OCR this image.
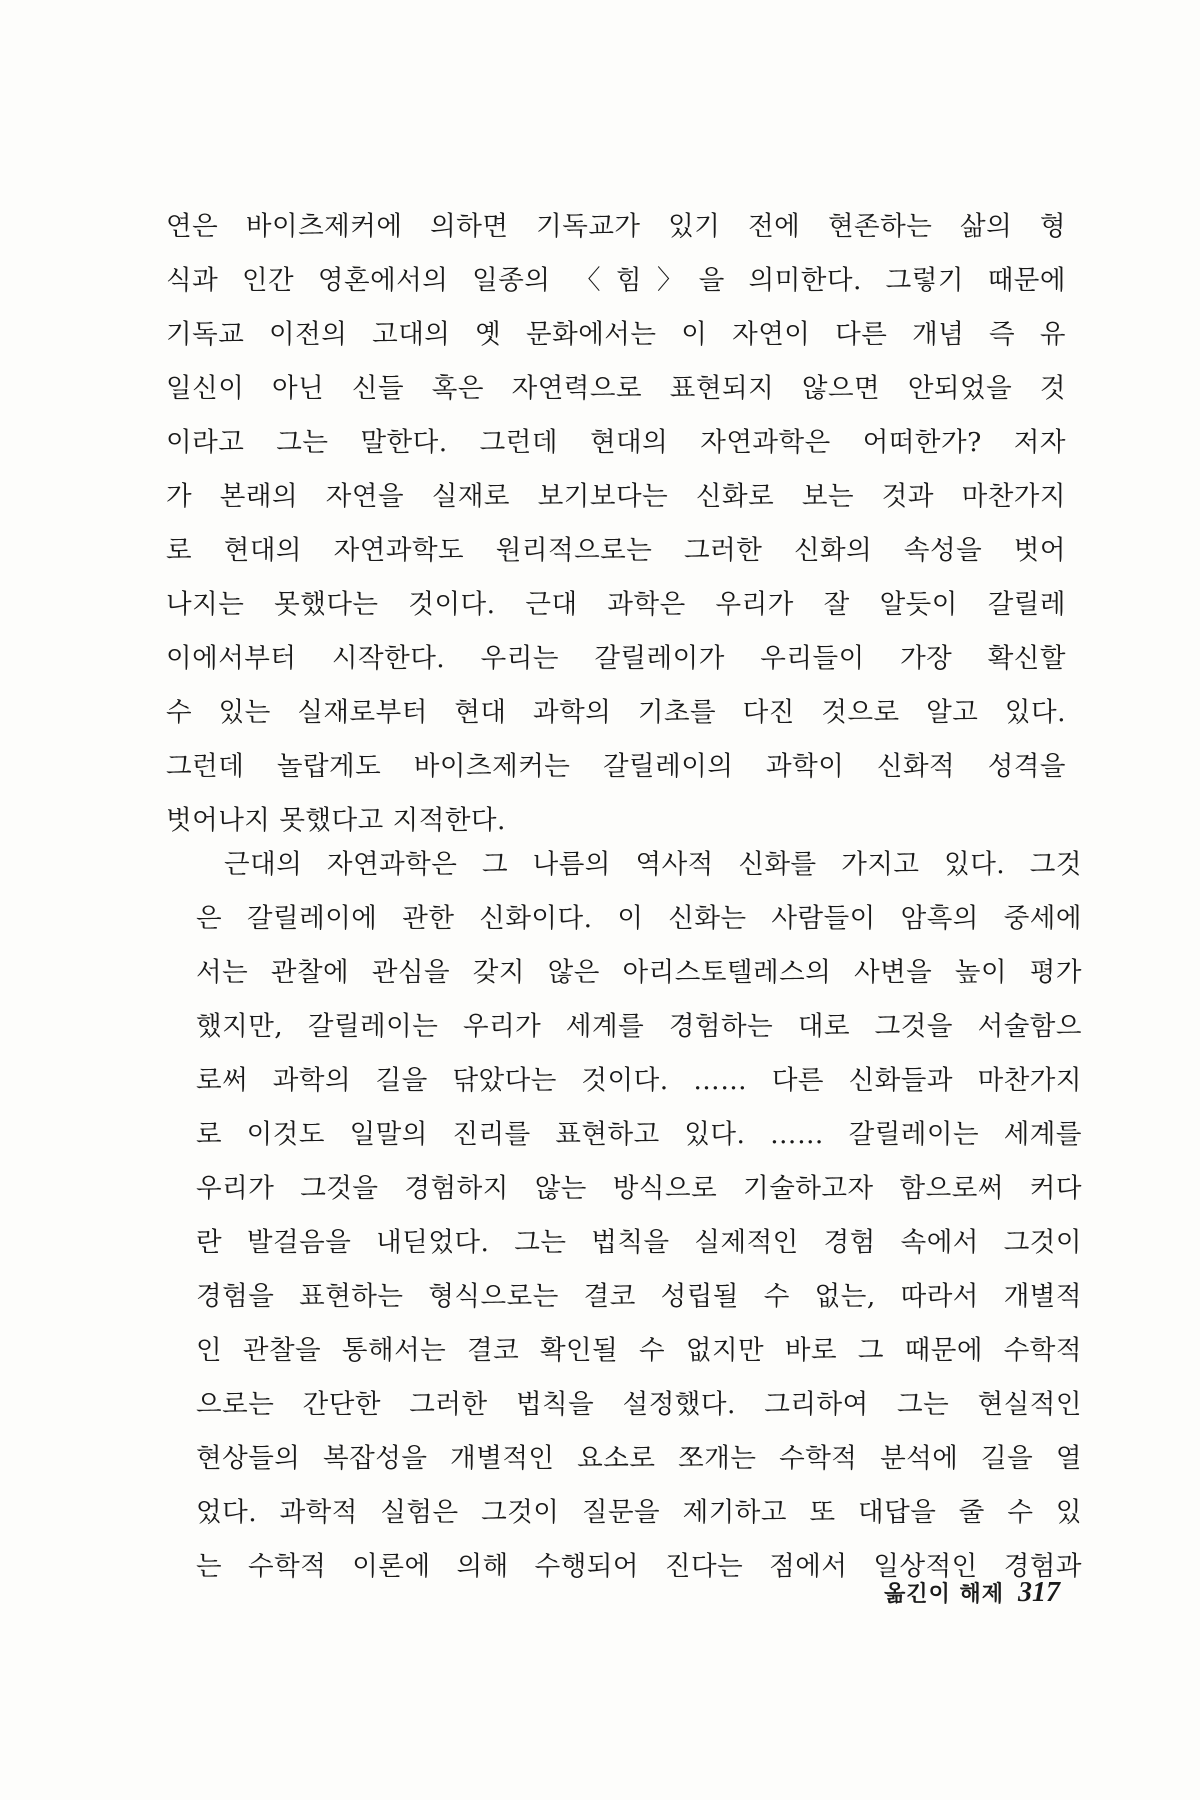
연은 바이츠제커에 의하면 기독교가 있기 전에 현존하는 삶의 형
식과 인간 영혼에서의 일종의 〈힘〉을 의미한다. 그렇기 때문에
기독교 이전의 고대의 옛 문화에서는 이 자연이 다른 개념 즉 유
일신이 아닌 신들 혹은 자연력으로 표현되지 않으면 안되었을 것
이라고 그는 말한다. 그런데 현대의 자연과학은 어떠한가? 저자
가 본래의 자연을 실재로 보기보다는 신화로 보는 것과 마찬가지
로 현대의 자연과학도 원리적으로는 그러한 신화의 속성을 벗어
나지는 못했다는 것이다. 근대 과학은 우리가 잘 알듯이 갈릴레
이에서부터 시작한다. 우리는 갈릴레이가 우리들이 가장 확신할
수 있는 실재로부터 현대 과학의 기초를 다진 것으로 알고 있다.
그런데 놀랍게도 바이츠제커는 갈릴레이의 과학이 신화적 성격을
벗어나지 못했다고 지적한다.
근대의 자연과학은 그 나름의 역사적 신화를 가지고 있다. 그것
은 갈릴레이에 관한 신화이다. 이 신화는 사람들이 암흑의 중세에
서는 관찰에 관심을 갖지 않은 아리스토텔레스의 사변을 높이 평가
했지만, 갈릴레이는 우리가 세계를 경험하는 대로 그것을 서술함으
로써 과학의 길을 닦았다는 것이다. …… 다른 신화들과 마찬가지
로 이것도 일말의 진리를 표현하고 있다. …… 갈릴레이는 세계를
우리가 그것을 경험하지 않는 방식으로 기술하고자 함으로써 커다
란 발걸음을 내딛었다. 그는 법칙을 실제적인 경험 속에서 그것이
경험을 표현하는 형식으로는 결코 성립될 수 없는, 따라서 개별적
인 관찰을 통해서는 결코 확인될 수 없지만 바로 그 때문에 수학적
으로는 간단한 그러한 법칙을 설정했다. 그리하여 그는 현실적인
현상들의 복잡성을 개별적인 요소로 쪼개는 수학적 분석에 길을 열
었다. 과학적 실험은 그것이 질문을 제기하고 또 대답을 줄 수 있
는 수학적 이론에 의해 수행되어 진다는 점에서 일상적인 경험과
옮긴이 해제 317
